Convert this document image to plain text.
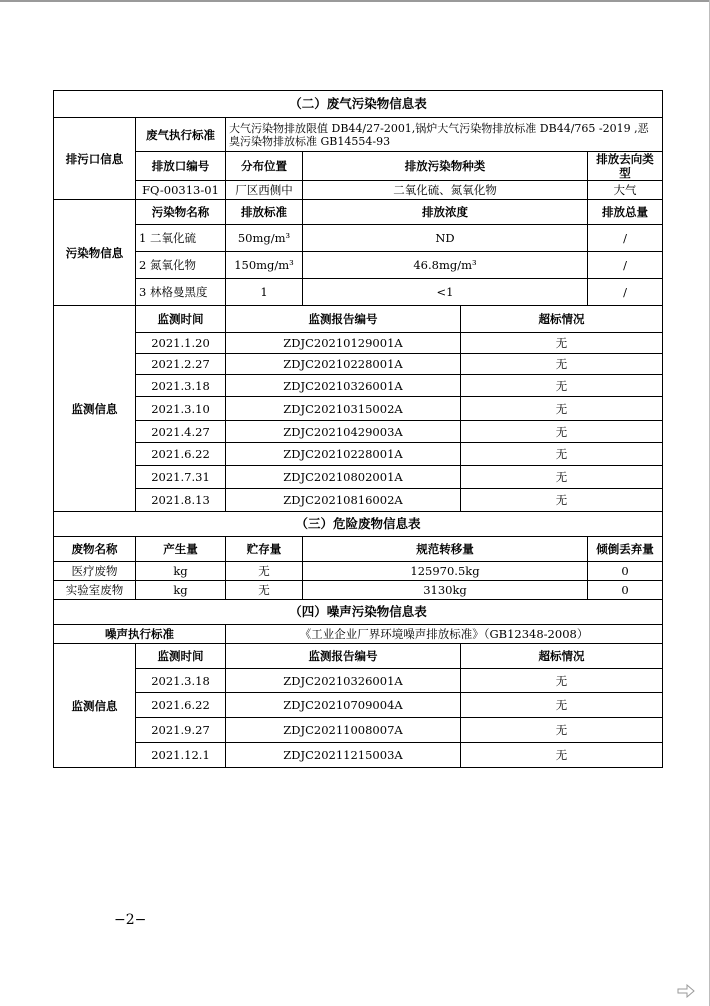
（二）废气污染物信息表					
排污口信息	废气执行标准	大气污染物排放限值 DB44/27-2001,锅炉大气污染物排放标准 DB44/765 -2019 ,恶臭污染物排放标准 GB14554-93			
	排放口编号	分布位置	排放污染物种类		排放去向类型
	FQ-00313-01	厂区西侧中	二氧化硫、氮氧化物		大气
污染物信息	污染物名称	排放标准	排放浓度		排放总量
	1 二氧化硫	50mg/m³	ND		/
	2 氮氧化物	150mg/m³	46.8mg/m³		/
	3 林格曼黑度	1	<1		/
监测信息	监测时间	监测报告编号		超标情况	
	2021.1.20	ZDJC20210129001A		无	
	2021.2.27	ZDJC20210228001A		无	
	2021.3.18	ZDJC20210326001A		无	
	2021.3.10	ZDJC20210315002A		无	
	2021.4.27	ZDJC20210429003A		无	
	2021.6.22	ZDJC20210228001A		无	
	2021.7.31	ZDJC20210802001A		无	
	2021.8.13	ZDJC20210816002A		无	
（三）危险废物信息表					
废物名称	产生量	贮存量	规范转移量		倾倒丢弃量
医疗废物	kg	无	125970.5kg		0
实验室废物	kg	无	3130kg		0
（四）噪声污染物信息表					
噪声执行标准		《工业企业厂界环境噪声排放标准》（GB12348-2008）			
监测信息	监测时间	监测报告编号		超标情况	
	2021.3.18	ZDJC20210326001A		无	
	2021.6.22	ZDJC20210709004A		无	
	2021.9.27	ZDJC20211008007A		无	
	2021.12.1	ZDJC20211215003A		无	
−2−
